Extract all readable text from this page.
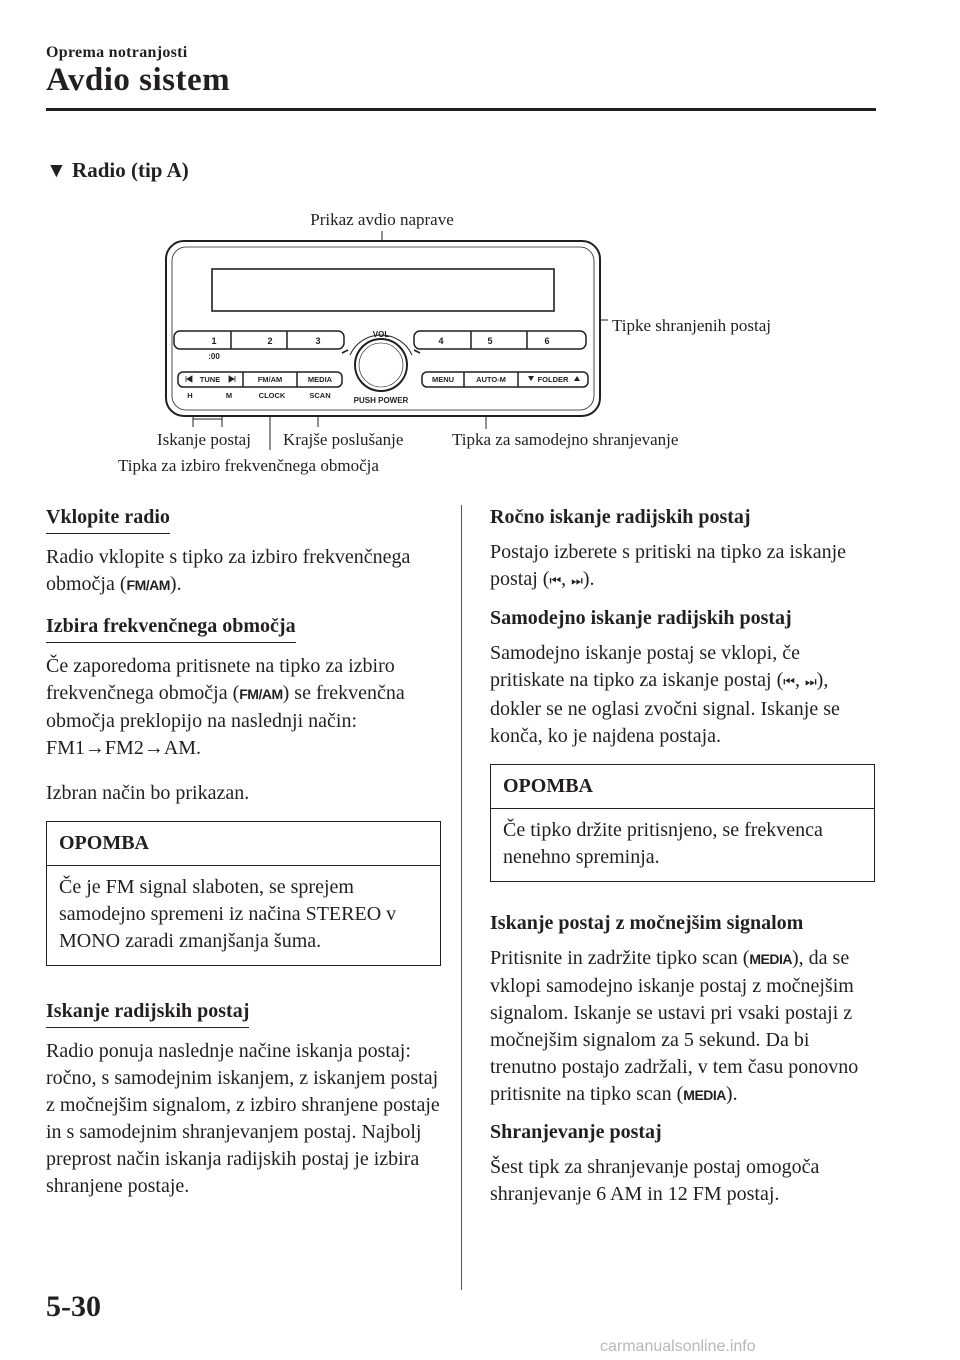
Oprema notranjosti
Avdio sistem
▼ Radio (tip A)
Prikaz avdio naprave
Tipke shranjenih postaj
Iskanje postaj Krajše poslušanje	Tipka za samodejno shranjevanje
Tipka za izbiro frekvenčnega območja
1	2	3	4	5	6
:00
VOL
PUSH POWER
TUNE	FM/AM	MEDIA	MENU	AUTO-M	FOLDER
H	M	CLOCK	SCAN
Vklopite radio

Radio vklopite s tipko za izbiro frekvenčnega območja (FM/AM).

Izbira frekvenčnega območja

Če zaporedoma pritisnete na tipko za izbiro frekvenčnega območja (FM/AM) se frekvenčna območja preklopijo na naslednji način: FM1→FM2→AM.

Izbran način bo prikazan.

OPOMBA
Če je FM signal slaboten, se sprejem samodejno spremeni iz načina STEREO v MONO zaradi zmanjšanja šuma.
Iskanje radijskih postaj

Radio ponuja naslednje načine iskanja postaj: ročno, s samodejnim iskanjem, z iskanjem postaj z močnejšim signalom, z izbiro shranjene postaje in s samodejnim shranjevanjem postaj. Najbolj preprost način iskanja radijskih postaj je izbira shranjene postaje.

Ročno iskanje radijskih postaj

Postajo izberete s pritiski na tipko za iskanje postaj (⏮, ⏭).

Samodejno iskanje radijskih postaj

Samodejno iskanje postaj se vklopi, če pritiskate na tipko za iskanje postaj (⏮, ⏭), dokler se ne oglasi zvočni signal. Iskanje se konča, ko je najdena postaja.

OPOMBA
Če tipko držite pritisnjeno, se frekvenca nenehno spreminja.
Iskanje postaj z močnejšim signalom

Pritisnite in zadržite tipko scan (MEDIA), da se vklopi samodejno iskanje postaj z močnejšim signalom. Iskanje se ustavi pri vsaki postaji z močnejšim signalom za 5 sekund. Da bi trenutno postajo zadržali, v tem času ponovno pritisnite na tipko scan (MEDIA).

Shranjevanje postaj

Šest tipk za shranjevanje postaj omogoča shranjevanje 6 AM in 12 FM postaj.

5-30
carmanualsonline.info
